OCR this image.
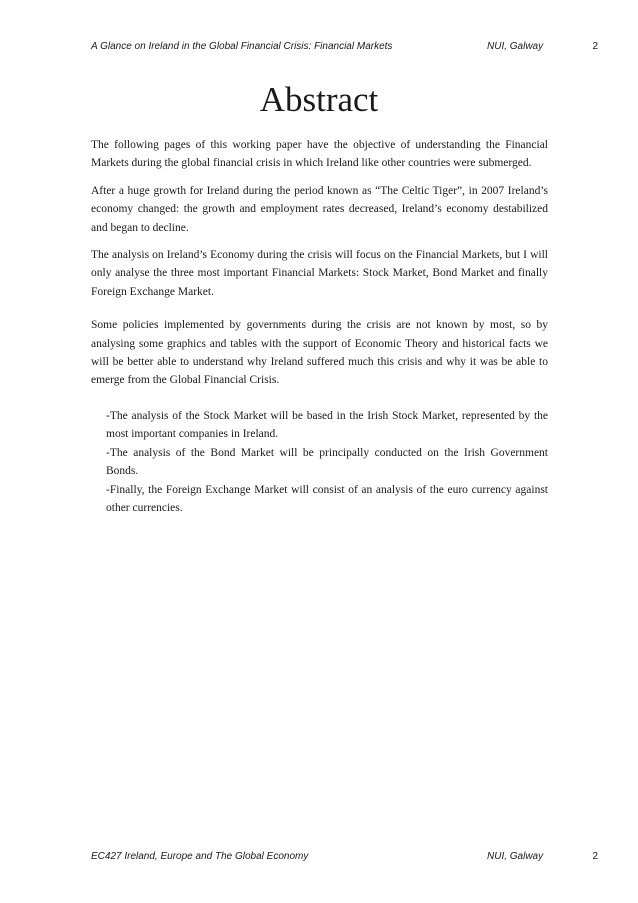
A Glance on Ireland in the Global Financial Crisis: Financial Markets	NUI, Galway	2
Abstract

The following pages of this working paper have the objective of understanding the Financial Markets during the global financial crisis in which Ireland like other countries were submerged.

After a huge growth for Ireland during the period known as “The Celtic Tiger”, in 2007 Ireland’s economy changed: the growth and employment rates decreased, Ireland’s economy destabilized and began to decline.

The analysis on Ireland’s Economy during the crisis will focus on the Financial Markets, but I will only analyse the three most important Financial Markets: Stock Market, Bond Market and finally Foreign Exchange Market.

Some policies implemented by governments during the crisis are not known by most, so by analysing some graphics and tables with the support of Economic Theory and historical facts we will be better able to understand why Ireland suffered much this crisis and why it was be able to emerge from the Global Financial Crisis.

-The analysis of the Stock Market will be based in the Irish Stock Market, represented by the most important companies in Ireland.
-The analysis of the Bond Market will be principally conducted on the Irish Government Bonds.
-Finally, the Foreign Exchange Market will consist of an analysis of the euro currency against other currencies.
EC427 Ireland, Europe and The Global Economy	NUI, Galway	2
